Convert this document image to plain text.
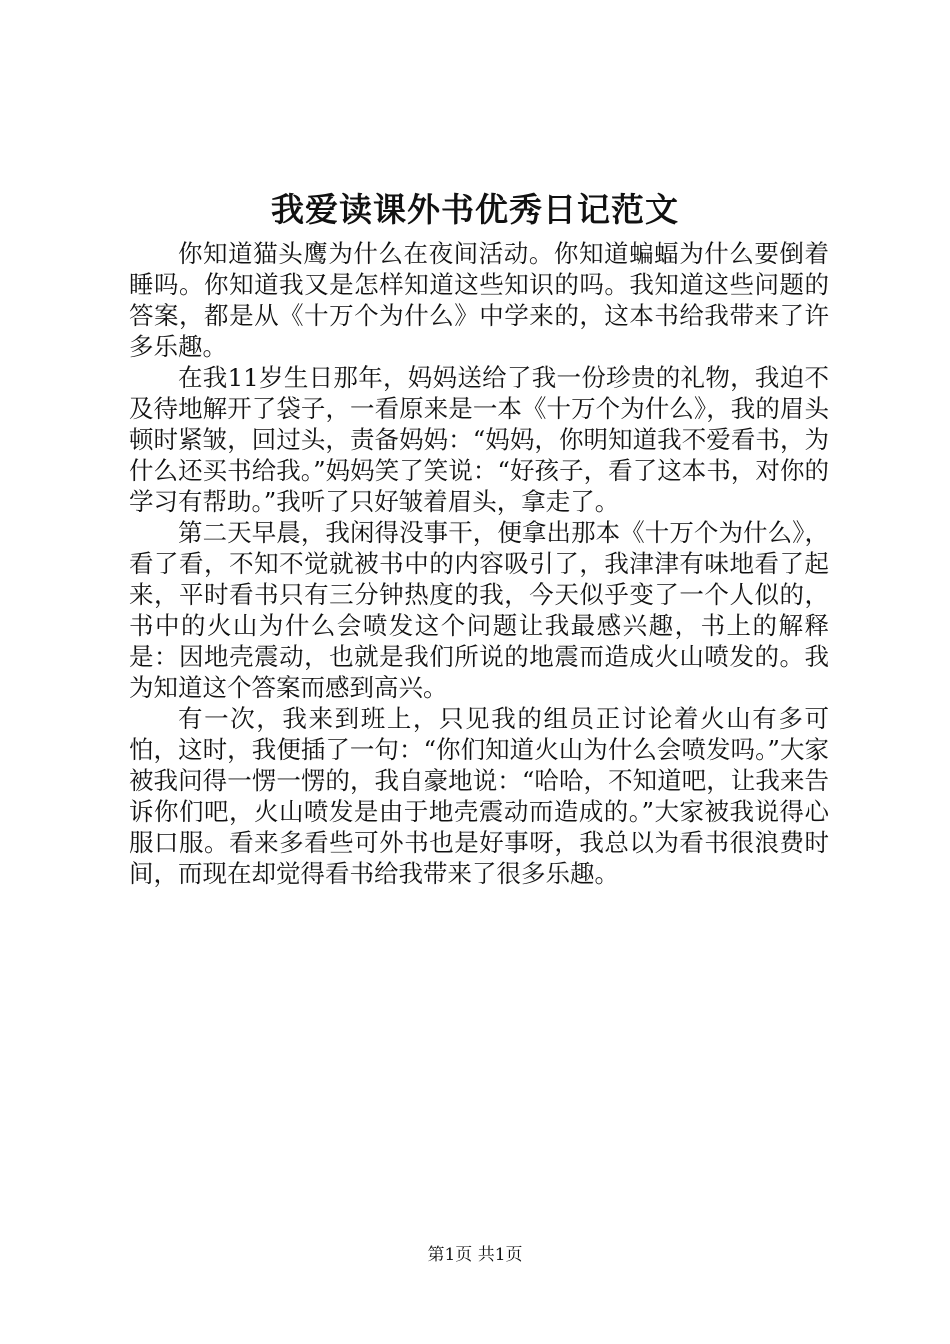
我爱读课外书优秀日记范文

你知道猫头鹰为什么在夜间活动。你知道蝙蝠为什么要倒着睡吗。你知道我又是怎样知道这些知识的吗。我知道这些问题的答案，都是从《十万个为什么》中学来的，这本书给我带来了许多乐趣。

在我11岁生日那年，妈妈送给了我一份珍贵的礼物，我迫不及待地解开了袋子，一看原来是一本《十万个为什么》，我的眉头顿时紧皱，回过头，责备妈妈：“妈妈，你明知道我不爱看书，为什么还买书给我。”妈妈笑了笑说：“好孩子，看了这本书，对你的学习有帮助。”我听了只好皱着眉头，拿走了。

第二天早晨，我闲得没事干，便拿出那本《十万个为什么》，看了看，不知不觉就被书中的内容吸引了，我津津有味地看了起来，平时看书只有三分钟热度的我，今天似乎变了一个人似的，书中的火山为什么会喷发这个问题让我最感兴趣，书上的解释是：因地壳震动，也就是我们所说的地震而造成火山喷发的。我为知道这个答案而感到高兴。

有一次，我来到班上，只见我的组员正讨论着火山有多可怕，这时，我便插了一句：“你们知道火山为什么会喷发吗。”大家被我问得一愣一愣的，我自豪地说：“哈哈，不知道吧，让我来告诉你们吧，火山喷发是由于地壳震动而造成的。”大家被我说得心服口服。看来多看些可外书也是好事呀，我总以为看书很浪费时间，而现在却觉得看书给我带来了很多乐趣。

第1页 共1页
